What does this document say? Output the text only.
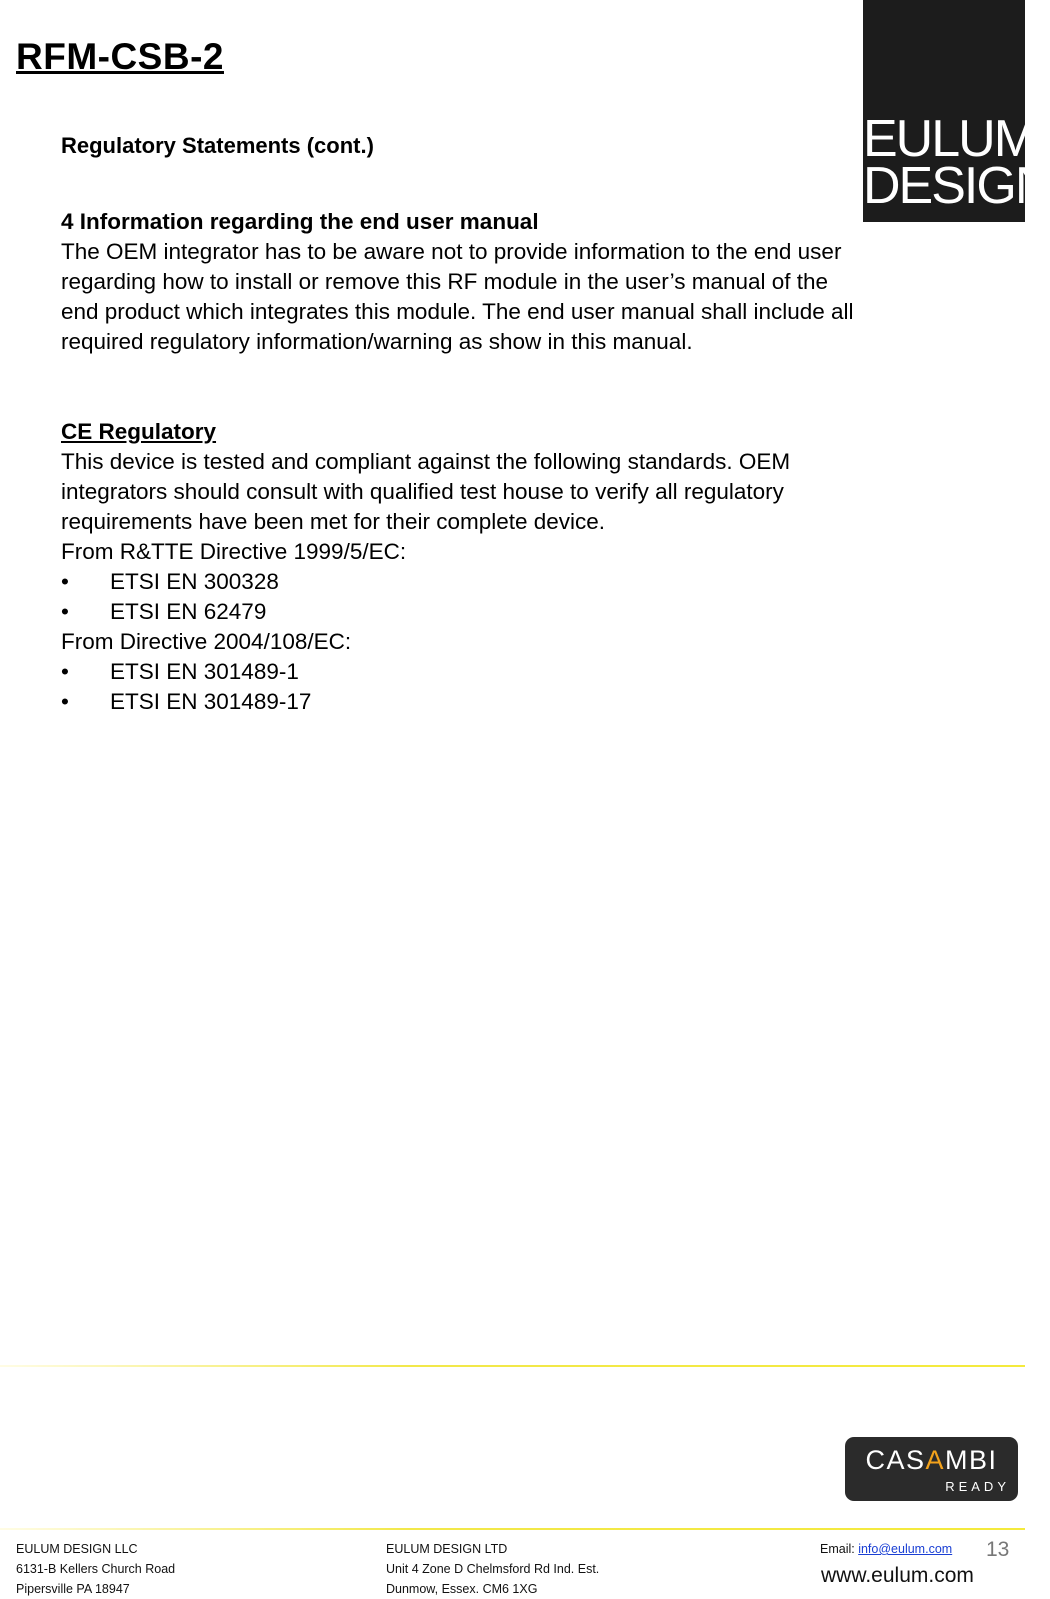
RFM-CSB-2
Regulatory Statements (cont.)	EULUM
DESIGN

4 Information regarding the end user manual

The OEM integrator has to be aware not to provide information to the end user

regarding how to install or remove this RF module in the user’s manual of the

end product which integrates this module. The end user manual shall include all

required regulatory information/warning as show in this manual.

CE Regulatory

This device is tested and compliant against the following standards. OEM

integrators should consult with qualified test house to verify all regulatory

requirements have been met for their complete device.

From R&TTE Directive 1999/5/EC:

•	ETSI EN 300328
•	ETSI EN 62479

From Directive 2004/108/EC:

•	ETSI EN 301489-1
•	ETSI EN 301489-17
CASAMBI
READY

EULUM DESIGN LLC

6131-B Kellers Church Road

Pipersville PA 18947

EULUM DESIGN LTD

Unit 4 Zone D Chelmsford Rd Ind. Est.

Dunmow, Essex. CM6 1XG

Email: info@eulum.com 13
www.eulum.com
